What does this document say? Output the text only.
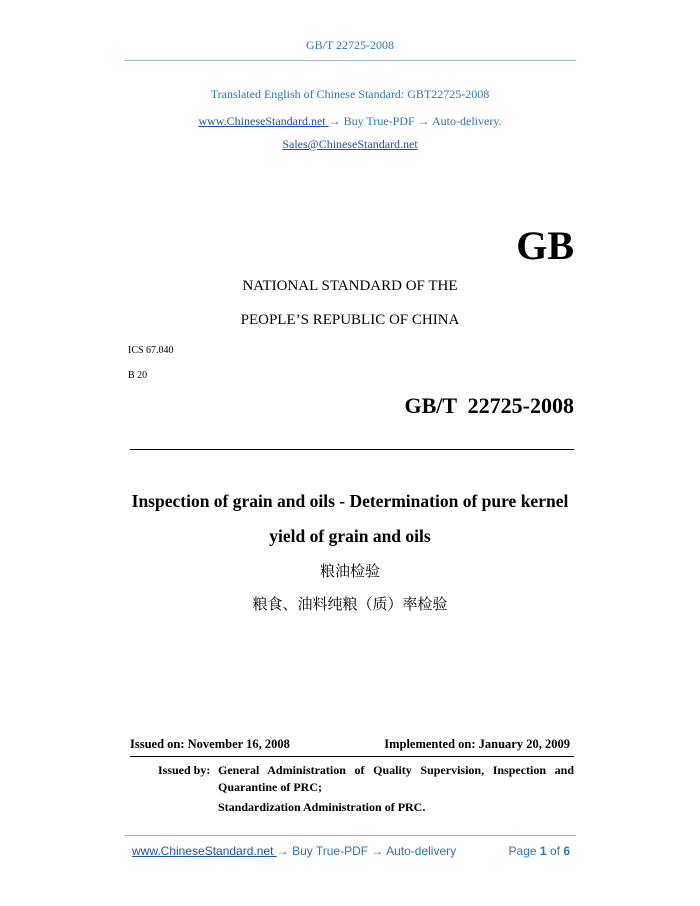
GB/T 22725-2008
Translated English of Chinese Standard: GBT22725-2008
www.ChineseStandard.net → Buy True-PDF → Auto-delivery.
Sales@ChineseStandard.net
GB
NATIONAL STANDARD OF THE
PEOPLE’S REPUBLIC OF CHINA
ICS 67.040
B 20
GB/T  22725-2008
Inspection of grain and oils - Determination of pure kernel
yield of grain and oils
粮油检验
粮食、油料纯粮（质）率检验
Issued on: November 16, 2008	Implemented on: January 20, 2009
Issued by: General Administration of Quality Supervision, Inspection and
Quarantine of PRC;
Standardization Administration of PRC.
www.ChineseStandard.net → Buy True-PDF → Auto-delivery	Page 1 of 6
